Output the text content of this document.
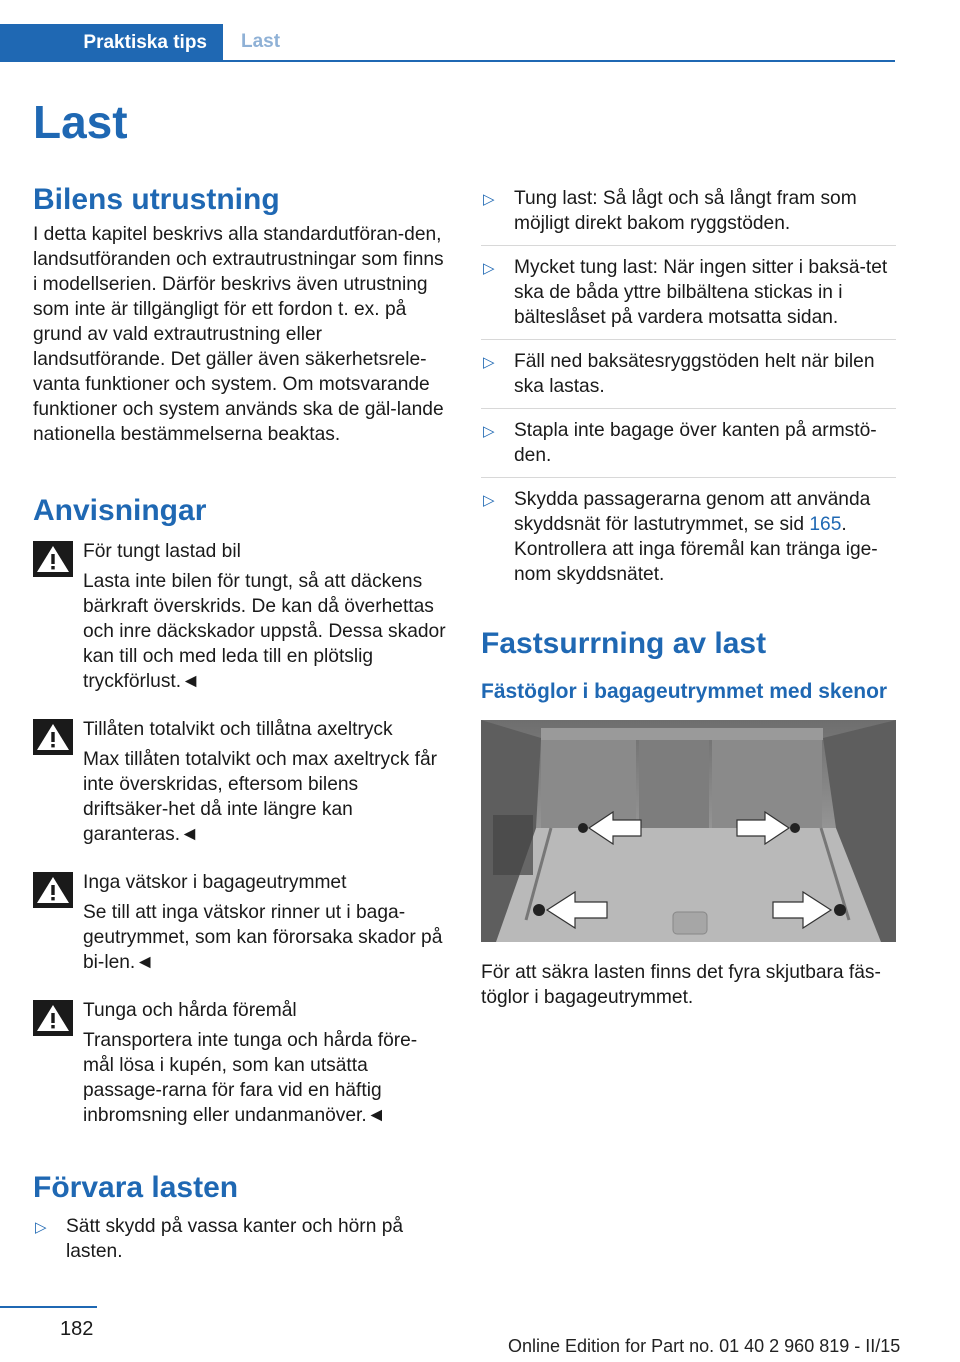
Praktiska tips Last
Last
Bilens utrustning

I detta kapitel beskrivs alla standardutföran-den, landsutföranden och extrautrustningar som finns i modellserien. Därför beskrivs även utrustning som inte är tillgängligt för ett fordon t. ex. på grund av vald extrautrustning eller landsutförande. Det gäller även säkerhetsrele-vanta funktioner och system. Om motsvarande funktioner och system används ska de gäl-lande nationella bestämmelserna beaktas.

Anvisningar

För tungt lastad bil

Lasta inte bilen för tungt, så att däckens bärkraft överskrids. De kan då överhettas och inre däckskador uppstå. Dessa skador kan till och med leda till en plötslig tryckförlust.◄

Tillåten totalvikt och tillåtna axeltryck

Max tillåten totalvikt och max axeltryck får inte överskridas, eftersom bilens driftsäker-het då inte längre kan garanteras.◄

Inga vätskor i bagageutrymmet

Se till att inga vätskor rinner ut i baga-geutrymmet, som kan förorsaka skador på bi-len.◄

Tunga och hårda föremål

Transportera inte tunga och hårda före-mål lösa i kupén, som kan utsätta passage-rarna för fara vid en häftig inbromsning eller undanmanöver.◄

Förvara lasten
▷ Sätt skydd på vassa kanter och hörn på lasten.
▷ Tung last: Så lågt och så långt fram som möjligt direkt bakom ryggstöden.
▷ Mycket tung last: När ingen sitter i baksä-tet ska de båda yttre bilbältena stickas in i bälteslåset på vardera motsatta sidan.
▷ Fäll ned baksätesryggstöden helt när bilen ska lastas.
▷ Stapla inte bagage över kanten på armstö-den.
▷ Skydda passagerarna genom att använda skyddsnät för lastutrymmet, se sid 165. Kontrollera att inga föremål kan tränga ige-nom skyddsnätet.
Fastsurrning av last
Fästöglor i bagageutrymmet med skenor

För att säkra lasten finns det fyra skjutbara fäs-töglor i bagageutrymmet.

182
Online Edition for Part no. 01 40 2 960 819 - II/15
